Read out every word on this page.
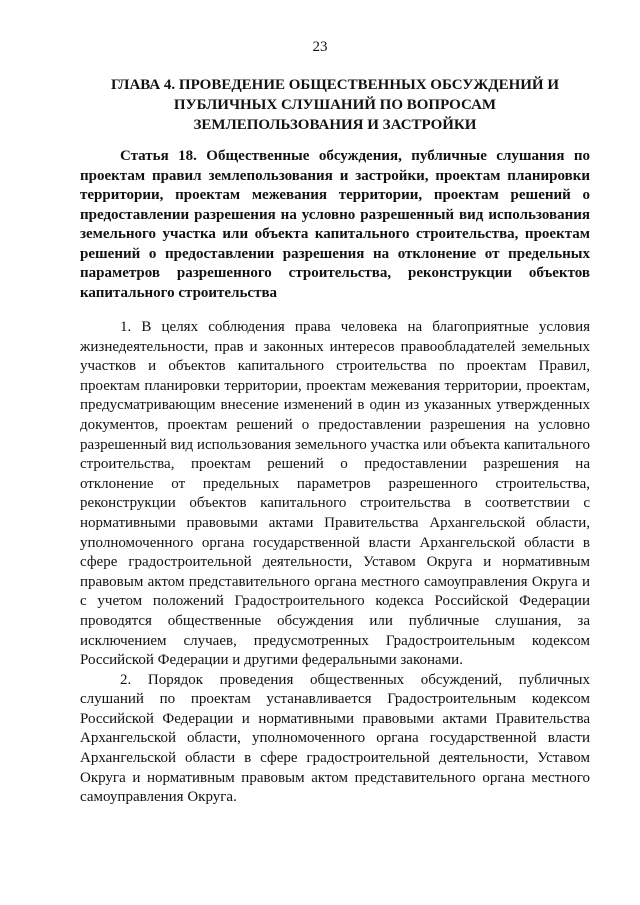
23
ГЛАВА 4. ПРОВЕДЕНИЕ ОБЩЕСТВЕННЫХ ОБСУЖДЕНИЙ И
ПУБЛИЧНЫХ СЛУШАНИЙ ПО ВОПРОСАМ
ЗЕМЛЕПОЛЬЗОВАНИЯ И ЗАСТРОЙКИ
Статья 18. Общественные обсуждения, публичные слушания по проектам правил землепользования и застройки, проектам планировки территории, проектам межевания территории, проектам решений о предоставлении разрешения на условно разрешенный вид использования земельного участка или объекта капитального строительства, проектам решений о предоставлении разрешения на отклонение от предельных параметров разрешенного строительства, реконструкции объектов капитального строительства

1. В целях соблюдения права человека на благоприятные условия жизнедеятельности, прав и законных интересов правообладателей земельных участков и объектов капитального строительства по проектам Правил, проектам планировки территории, проектам межевания территории, проектам, предусматривающим внесение изменений в один из указанных утвержденных документов, проектам решений о предоставлении разрешения на условно разрешенный вид использования земельного участка или объекта капитального строительства, проектам решений о предоставлении разрешения на отклонение от предельных параметров разрешенного строительства, реконструкции объектов капитального строительства в соответствии с нормативными правовыми актами Правительства Архангельской области, уполномоченного органа государственной власти Архангельской области в сфере градостроительной деятельности, Уставом Округа и нормативным правовым актом представительного органа местного самоуправления Округа и с учетом положений Градостроительного кодекса Российской Федерации проводятся общественные обсуждения или публичные слушания, за исключением случаев, предусмотренных Градостроительным кодексом Российской Федерации и другими федеральными законами.

2. Порядок проведения общественных обсуждений, публичных слушаний по проектам устанавливается Градостроительным кодексом Российской Федерации и нормативными правовыми актами Правительства Архангельской области, уполномоченного органа государственной власти Архангельской области в сфере градостроительной деятельности, Уставом Округа и нормативным правовым актом представительного органа местного самоуправления Округа.
